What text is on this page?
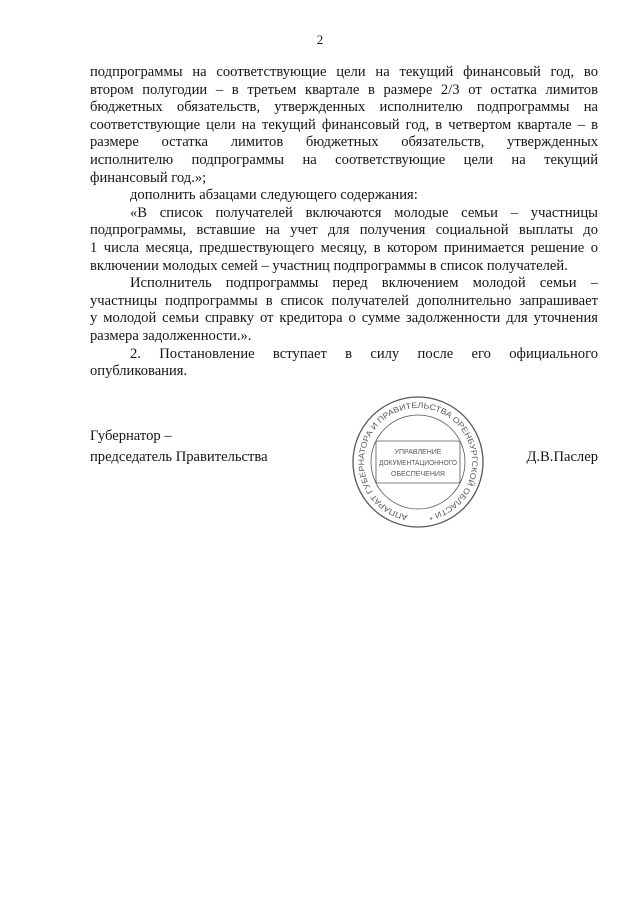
2
подпрограммы на соответствующие цели на текущий финансовый год, во
втором полугодии – в третьем квартале в размере 2/3 от остатка лимитов
бюджетных обязательств, утвержденных исполнителю подпрограммы на
соответствующие цели на текущий финансовый год, в четвертом квартале – в
размере остатка лимитов бюджетных обязательств, утвержденных
исполнителю подпрограммы на соответствующие цели на текущий
финансовый год.»;
дополнить абзацами следующего содержания:
«В список получателей включаются молодые семьи – участницы
подпрограммы, вставшие на учет для получения социальной выплаты до
1 числа месяца, предшествующего месяцу, в котором принимается решение о
включении молодых семей – участниц подпрограммы в список получателей.
Исполнитель подпрограммы перед включением молодой семьи –
участницы подпрограммы в список получателей дополнительно запрашивает
у молодой семьи справку от кредитора о сумме задолженности для уточнения
размера задолженности.».
2. Постановление вступает в силу после его официального
опубликования.
Губернатор –
председатель Правительства	Д.В.Паслер
АППАРАТ ГУБЕРНАТОРА И ПРАВИТЕЛЬСТВА ОРЕНБУРГСКОЙ ОБЛАСТИ *
УПРАВЛЕНИЕ
ДОКУМЕНТАЦИОННОГО
ОБЕСПЕЧЕНИЯ
